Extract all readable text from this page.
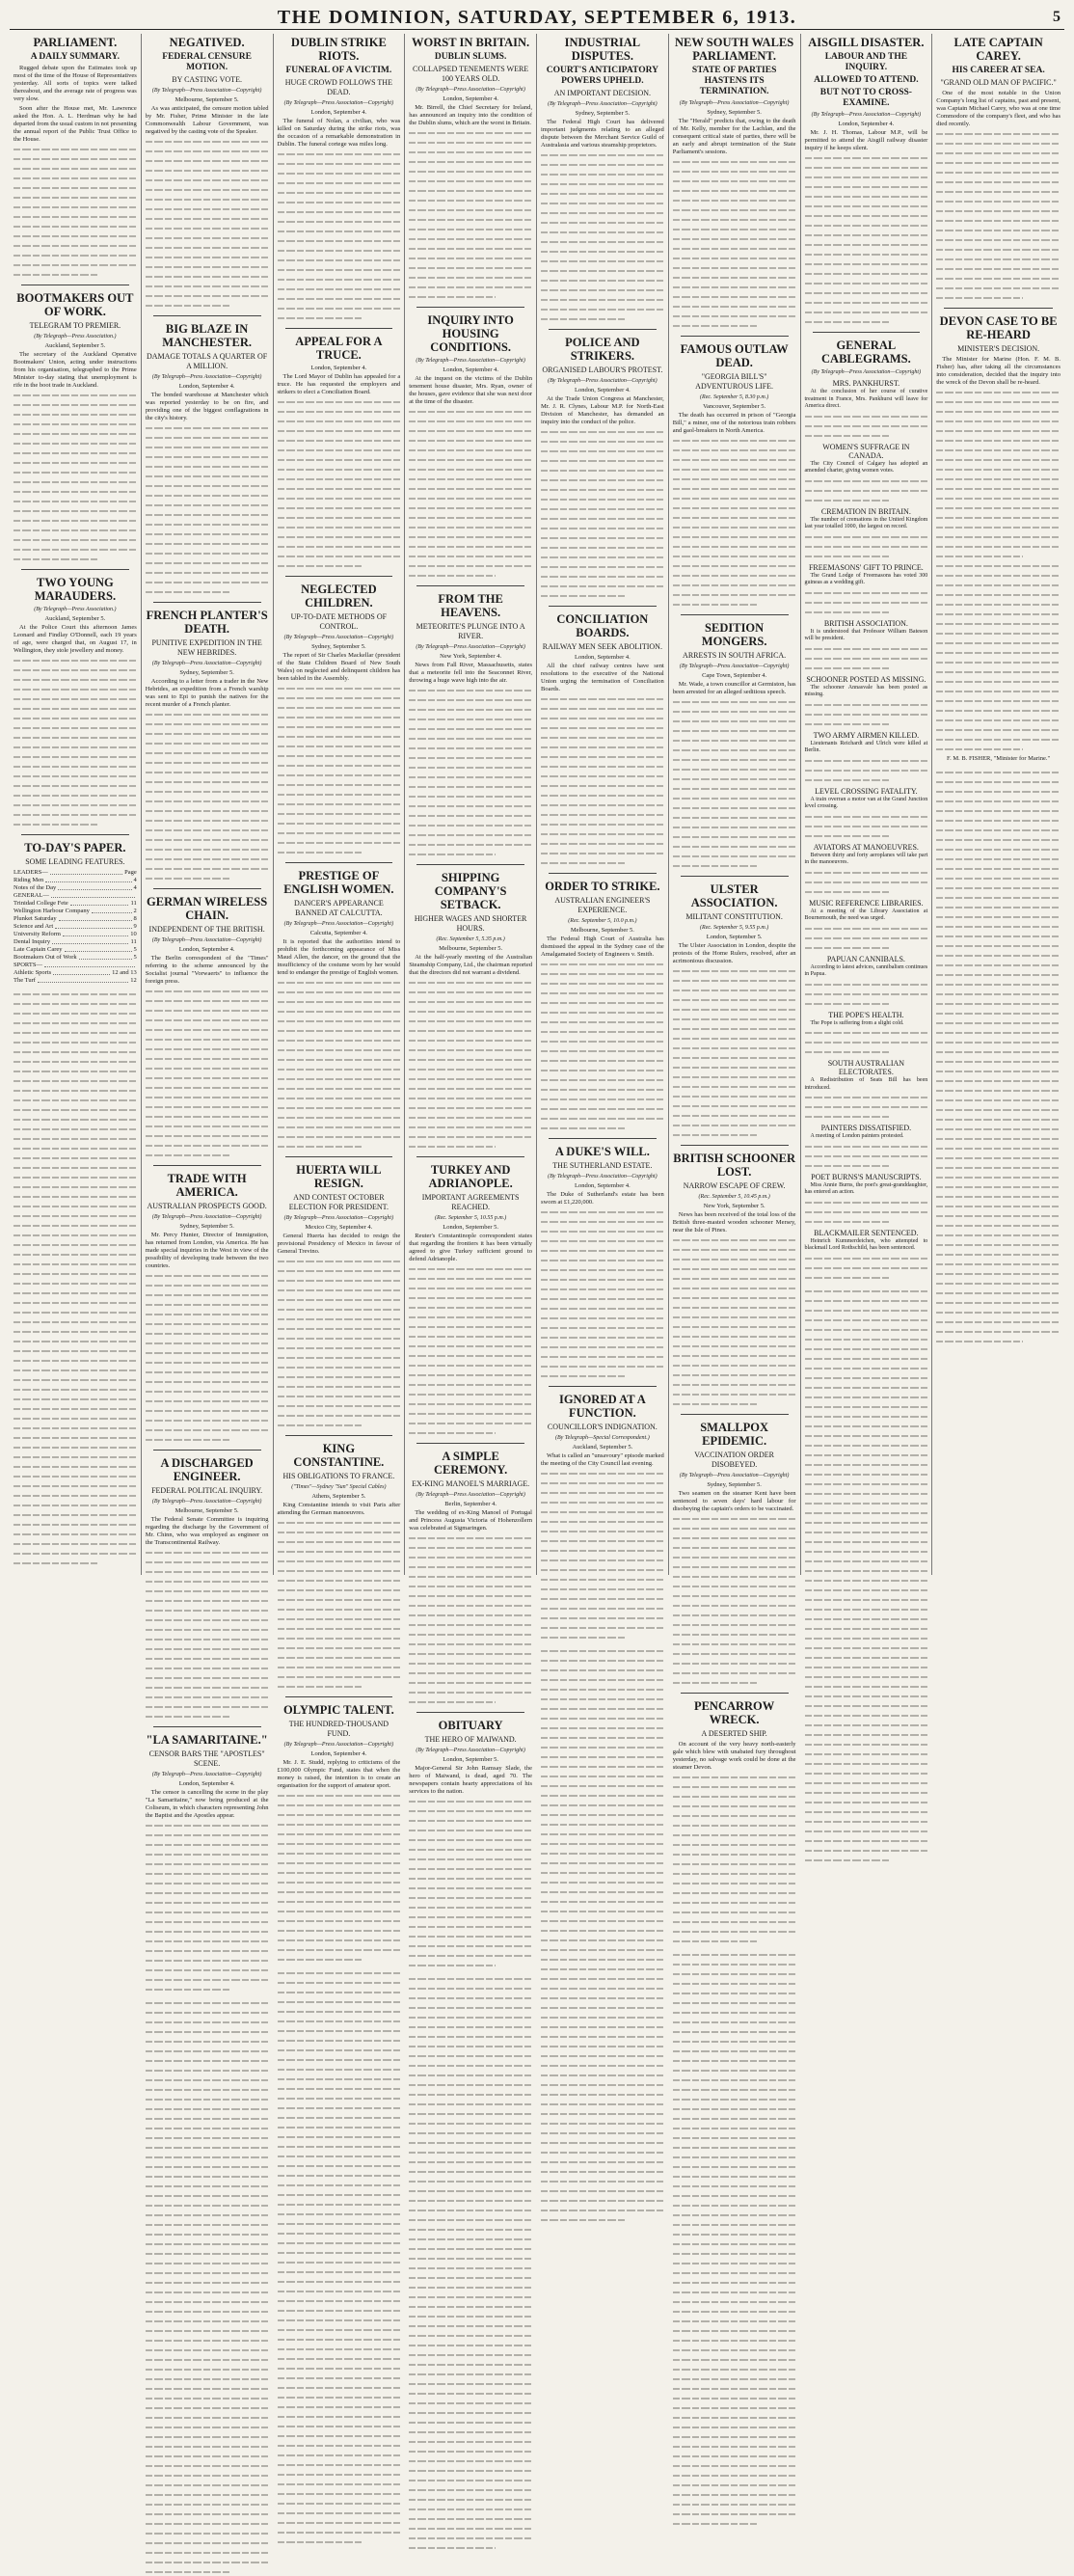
THE DOMINION, SATURDAY, SEPTEMBER 6, 1913.	5
PARLIAMENT.
A DAILY SUMMARY.

Rugged debate upon the Estimates took up most of the time of the House of Representatives yesterday. All sorts of topics were talked thereabout, and the average rate of progress was very slow.

Soon after the House met, Mr. Lawrence asked the Hon. A. L. Herdman why he had departed from the usual custom in not presenting the annual report of the Public Trust Office to the House.

BOOTMAKERS OUT OF WORK.
TELEGRAM TO PREMIER.
(By Telegraph—Press Association.)
Auckland, September 5.

The secretary of the Auckland Operative Bootmakers' Union, acting under instructions from his organisation, telegraphed to the Prime Minister to-day stating that unemployment is rife in the boot trade in Auckland.

TWO YOUNG MARAUDERS.
(By Telegraph—Press Association.)
Auckland, September 5.

At the Police Court this afternoon James Leonard and Findlay O'Donnell, each 19 years of age, were charged that, on August 17, in Wellington, they stole jewellery and money.

TO-DAY'S PAPER.
SOME LEADING FEATURES.
LEADERS—	Page
Riding Men	4
Notes of the Day	4
GENERAL—
Trinidad College Fete	11
Wellington Harbour Company	2
Plunket Saturday	8
Science and Art	9
University Reform	10
Dental Inquiry	11
Late Captain Carey	5
Bootmakers Out of Work	5
SPORTS—
Athletic Sports	12 and 13
The Turf	12
NEGATIVED.
FEDERAL CENSURE MOTION.
BY CASTING VOTE.
(By Telegraph—Press Association—Copyright)
Melbourne, September 5.

As was anticipated, the censure motion tabled by Mr. Fisher, Prime Minister in the late Commonwealth Labour Government, was negatived by the casting vote of the Speaker.

BIG BLAZE IN MANCHESTER.
DAMAGE TOTALS A QUARTER OF A MILLION.
(By Telegraph—Press Association—Copyright)
London, September 4.

The bonded warehouse at Manchester which was reported yesterday to be on fire, and providing one of the biggest conflagrations in the city's history.

FRENCH PLANTER'S DEATH.
PUNITIVE EXPEDITION IN THE NEW HEBRIDES.
(By Telegraph—Press Association—Copyright)
Sydney, September 5.

According to a letter from a trader in the New Hebrides, an expedition from a French warship was sent to Epi to punish the natives for the recent murder of a French planter.

GERMAN WIRELESS CHAIN.
INDEPENDENT OF THE BRITISH.
(By Telegraph—Press Association—Copyright)
London, September 4.

The Berlin correspondent of the "Times" referring to the scheme announced by the Socialist journal "Vorwaerts" to influence the foreign press.

TRADE WITH AMERICA.
AUSTRALIAN PROSPECTS GOOD.
(By Telegraph—Press Association—Copyright)
Sydney, September 5.

Mr. Percy Hunter, Director of Immigration, has returned from London, via America. He has made special inquiries in the West in view of the possibility of developing trade between the two countries.

A DISCHARGED ENGINEER.
FEDERAL POLITICAL INQUIRY.
(By Telegraph—Press Association—Copyright)
Melbourne, September 5.

The Federal Senate Committee is inquiring regarding the discharge by the Government of Mr. Chinn, who was employed as engineer on the Transcontinental Railway.

"LA SAMARITAINE."
CENSOR BARS THE "APOSTLES" SCENE.
(By Telegraph—Press Association—Copyright)
London, September 4.

The censor is cancelling the scene in the play "La Samaritaine," now being produced at the Coliseum, in which characters representing John the Baptist and the Apostles appear.

DUBLIN STRIKE RIOTS.
FUNERAL OF A VICTIM.
HUGE CROWD FOLLOWS THE DEAD.
(By Telegraph—Press Association—Copyright)
London, September 4.

The funeral of Nolan, a civilian, who was killed on Saturday during the strike riots, was the occasion of a remarkable demonstration in Dublin. The funeral cortege was miles long.

APPEAL FOR A TRUCE.
London, September 4.

The Lord Mayor of Dublin has appealed for a truce. He has requested the employers and strikers to elect a Conciliation Board.

NEGLECTED CHILDREN.
UP-TO-DATE METHODS OF CONTROL.
(By Telegraph—Press Association—Copyright)
Sydney, September 5.

The report of Sir Charles Mackellar (president of the State Children Board of New South Wales) on neglected and delinquent children has been tabled in the Assembly.

PRESTIGE OF ENGLISH WOMEN.
DANCER'S APPEARANCE BANNED AT CALCUTTA.
(By Telegraph—Press Association—Copyright)
Calcutta, September 4.

It is reported that the authorities intend to prohibit the forthcoming appearance of Miss Maud Allen, the dancer, on the ground that the insufficiency of the costume worn by her would tend to endanger the prestige of English women.

HUERTA WILL RESIGN.
AND CONTEST OCTOBER ELECTION FOR PRESIDENT.
(By Telegraph—Press Association—Copyright)
Mexico City, September 4.

General Huerta has decided to resign the provisional Presidency of Mexico in favour of General Trevino.

KING CONSTANTINE.
HIS OBLIGATIONS TO FRANCE.
("Times"—Sydney "Sun" Special Cables)
Athens, September 5.

King Constantine intends to visit Paris after attending the German manoeuvres.

OLYMPIC TALENT.
THE HUNDRED-THOUSAND FUND.
(By Telegraph—Press Association—Copyright)
London, September 4.

Mr. J. E. Studd, replying to criticisms of the £100,000 Olympic Fund, states that when the money is raised, the intention is to create an organisation for the support of amateur sport.

WORST IN BRITAIN.
DUBLIN SLUMS.
COLLAPSED TENEMENTS WERE 100 YEARS OLD.
(By Telegraph—Press Association—Copyright)
London, September 4.

Mr. Birrell, the Chief Secretary for Ireland, has announced an inquiry into the condition of the Dublin slums, which are the worst in Britain.

INQUIRY INTO HOUSING CONDITIONS.
(By Telegraph—Press Association—Copyright)
London, September 4.

At the inquest on the victims of the Dublin tenement house disaster, Mrs. Ryan, owner of the houses, gave evidence that she was next door at the time of the disaster.

FROM THE HEAVENS.
METEORITE'S PLUNGE INTO A RIVER.
(By Telegraph—Press Association—Copyright)
New York, September 4.

News from Fall River, Massachusetts, states that a meteorite fell into the Seaconnet River, throwing a huge wave high into the air.

SHIPPING COMPANY'S SETBACK.
HIGHER WAGES AND SHORTER HOURS.
(Rec. September 5, 5.35 p.m.)
Melbourne, September 5.

At the half-yearly meeting of the Australian Steamship Company, Ltd., the chairman reported that the directors did not warrant a dividend.

TURKEY AND ADRIANOPLE.
IMPORTANT AGREEMENTS REACHED.
(Rec. September 5, 10.55 p.m.)
London, September 5.

Reuter's Constantinople correspondent states that regarding the frontiers it has been virtually agreed to give Turkey sufficient ground to defend Adrianople.

A SIMPLE CEREMONY.
EX-KING MANOEL'S MARRIAGE.
(By Telegraph—Press Association—Copyright)
Berlin, September 4.

The wedding of ex-King Manoel of Portugal and Princess Augusta Victoria of Hohenzollern was celebrated at Sigmaringen.

OBITUARY
THE HERO OF MAIWAND.
(By Telegraph—Press Association—Copyright)
London, September 5.

Major-General Sir John Ramsay Slade, the hero of Maiwand, is dead, aged 70. The newspapers contain hearty appreciations of his services to the nation.

INDUSTRIAL DISPUTES.
COURT'S ANTICIPATORY POWERS UPHELD.
AN IMPORTANT DECISION.
(By Telegraph—Press Association—Copyright)
Sydney, September 5.

The Federal High Court has delivered important judgments relating to an alleged dispute between the Merchant Service Guild of Australasia and various steamship proprietors.

POLICE AND STRIKERS.
ORGANISED LABOUR'S PROTEST.
(By Telegraph—Press Association—Copyright)
London, September 4.

At the Trade Union Congress at Manchester, Mr. J. R. Clynes, Labour M.P. for North-East Division of Manchester, has demanded an inquiry into the conduct of the police.

CONCILIATION BOARDS.
RAILWAY MEN SEEK ABOLITION.
London, September 4.

All the chief railway centres have sent resolutions to the executive of the National Union urging the termination of Conciliation Boards.

ORDER TO STRIKE.
AUSTRALIAN ENGINEER'S EXPERIENCE.
(Rec. September 5, 10.0 p.m.)
Melbourne, September 5.

The Federal High Court of Australia has dismissed the appeal in the Sydney case of the Amalgamated Society of Engineers v. Smith.

A DUKE'S WILL.
THE SUTHERLAND ESTATE.
(By Telegraph—Press Association—Copyright)
London, September 4.

The Duke of Sutherland's estate has been sworn at £1,220,000.

IGNORED AT A FUNCTION.
COUNCILLOR'S INDIGNATION.
(By Telegraph—Special Correspondent.)
Auckland, September 5.

What is called an "unsavoury" episode marked the meeting of the City Council last evening.

NEW SOUTH WALES PARLIAMENT.
STATE OF PARTIES HASTENS ITS TERMINATION.
(By Telegraph—Press Association—Copyright)
Sydney, September 5.

The "Herald" predicts that, owing to the death of Mr. Kelly, member for the Lachlan, and the consequent critical state of parties, there will be an early and abrupt termination of the State Parliament's sessions.

FAMOUS OUTLAW DEAD.
"GEORGIA BILL'S" ADVENTUROUS LIFE.
(Rec. September 5, 8.30 p.m.)
Vancouver, September 5.

The death has occurred in prison of "Georgia Bill," a miner, one of the notorious train robbers and gaol-breakers in North America.

SEDITION MONGERS.
ARRESTS IN SOUTH AFRICA.
(By Telegraph—Press Association—Copyright)
Cape Town, September 4.

Mr. Wade, a town councillor at Germiston, has been arrested for an alleged seditious speech.

ULSTER ASSOCIATION.
MILITANT CONSTITUTION.
(Rec. September 5, 9.55 p.m.)
London, September 5.

The Ulster Association in London, despite the protests of the Home Rulers, resolved, after an acrimonious discussion.

BRITISH SCHOONER LOST.
NARROW ESCAPE OF CREW.
(Rec. September 5, 10.45 p.m.)
New York, September 5.

News has been received of the total loss of the British three-masted wooden schooner Mersey, near the Isle of Pines.

SMALLPOX EPIDEMIC.
VACCINATION ORDER DISOBEYED.
(By Telegraph—Press Association—Copyright)
Sydney, September 5.

Two seamen on the steamer Kent have been sentenced to seven days' hard labour for disobeying the captain's orders to be vaccinated.

PENCARROW WRECK.
A DESERTED SHIP.

On account of the very heavy north-easterly gale which blew with unabated fury throughout yesterday, no salvage work could be done at the steamer Devon.

AISGILL DISASTER.
LABOUR AND THE INQUIRY.
ALLOWED TO ATTEND.
BUT NOT TO CROSS-EXAMINE.
(By Telegraph—Press Association—Copyright)
London, September 4.

Mr. J. H. Thomas, Labour M.P., will be permitted to attend the Aisgill railway disaster inquiry if he keeps silent.

GENERAL CABLEGRAMS.
(By Telegraph—Press Association—Copyright)
MRS. PANKHURST.

At the conclusion of her course of curative treatment in France, Mrs. Pankhurst will leave for America direct.

WOMEN'S SUFFRAGE IN CANADA.

The City Council of Calgary has adopted an amended charter, giving women votes.

CREMATION IN BRITAIN.

The number of cremations in the United Kingdom last year totalled 1000, the largest on record.

FREEMASONS' GIFT TO PRINCE.

The Grand Lodge of Freemasons has voted 300 guineas as a wedding gift.

BRITISH ASSOCIATION.

It is understood that Professor William Bateson will be president.

SCHOONER POSTED AS MISSING.

The schooner Annasvale has been posted as missing.

TWO ARMY AIRMEN KILLED.

Lieutenants Reichardt and Ulrich were killed at Berlin.

LEVEL CROSSING FATALITY.

A train overran a motor van at the Grand Junction level crossing.

AVIATORS AT MANOEUVRES.

Between thirty and forty aeroplanes will take part in the manoeuvres.

MUSIC REFERENCE LIBRARIES.

At a meeting of the Library Association at Bournemouth, the need was urged.

PAPUAN CANNIBALS.

According to latest advices, cannibalism continues in Papua.

THE POPE'S HEALTH.

The Pope is suffering from a slight cold.

SOUTH AUSTRALIAN ELECTORATES.

A Redistribution of Seats Bill has been introduced.

PAINTERS DISSATISFIED.

A meeting of London painters protested.

POET BURNS'S MANUSCRIPTS.

Miss Annie Burns, the poet's great-granddaughter, has entered an action.

BLACKMAILER SENTENCED.

Heinrich Kummerdeichen, who attempted to blackmail Lord Rothschild, has been sentenced.

LATE CAPTAIN CAREY.
HIS CAREER AT SEA.
"GRAND OLD MAN OF PACIFIC."

One of the most notable in the Union Company's long list of captains, past and present, was Captain Michael Carey, who was at one time Commodore of the company's fleet, and who has died recently.

DEVON CASE TO BE RE-HEARD
MINISTER'S DECISION.

The Minister for Marine (Hon. F. M. B. Fisher) has, after taking all the circumstances into consideration, decided that the inquiry into the wreck of the Devon shall be re-heard.

F. M. B. FISHER, "Minister for Marine."
